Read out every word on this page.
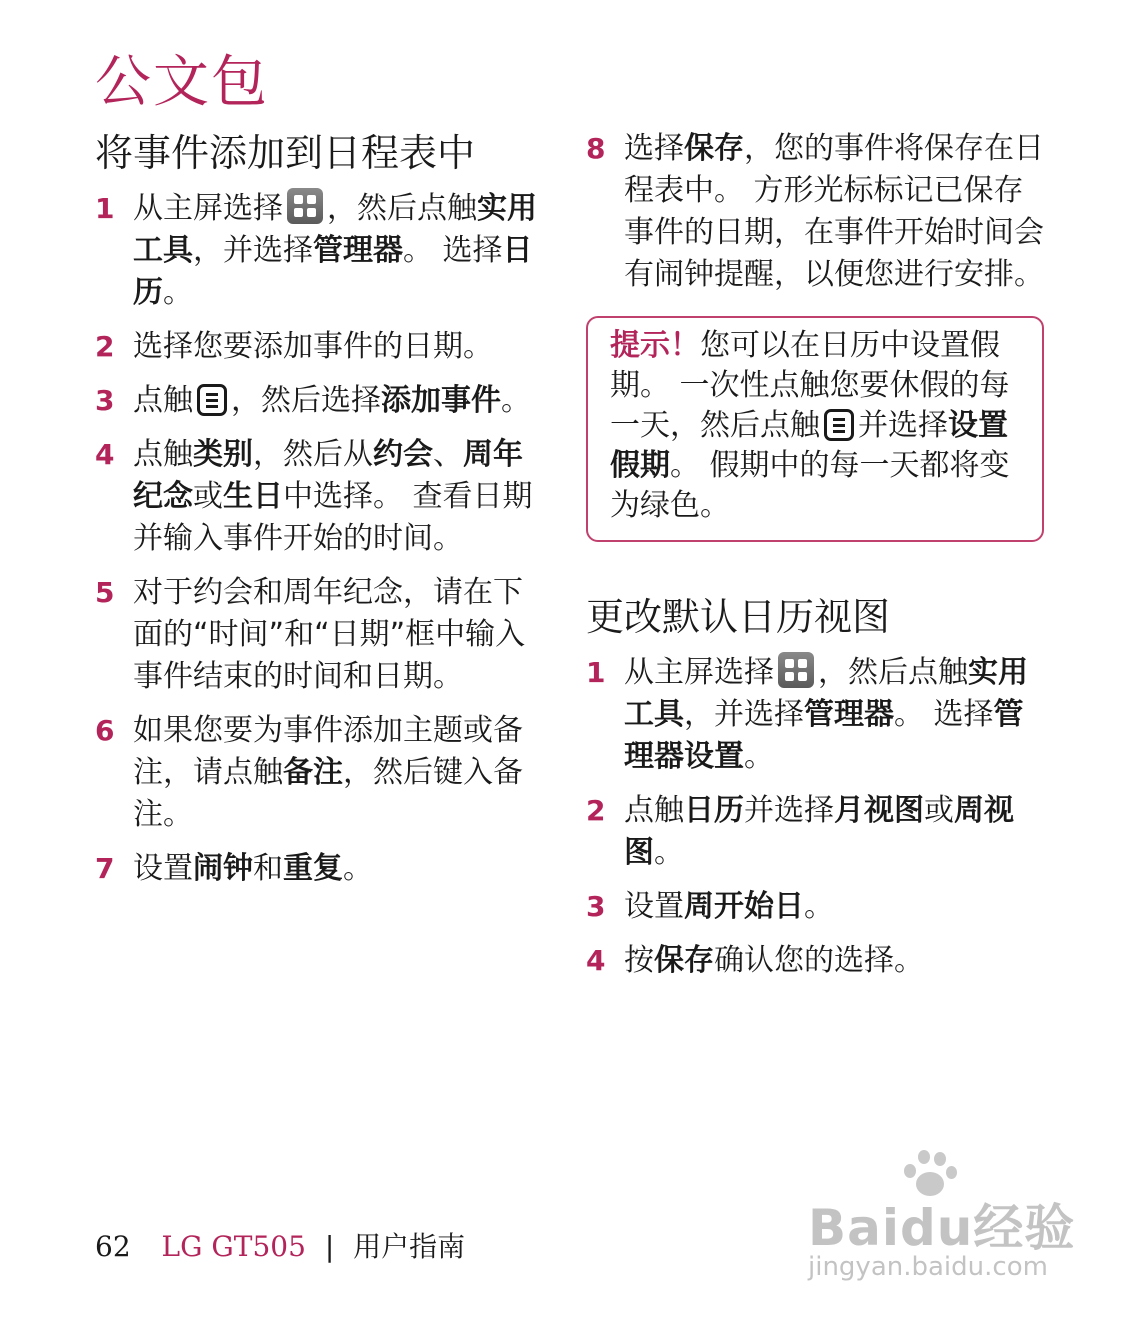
公文包
将事件添加到日程表中
1 从主屏选择 ，然后点触实用工具，并选择管理器。 选择日历。
2 选择您要添加事件的日期。
3 点触 ，然后选择添加事件。
4 点触类别，然后从约会、周年纪念或生日中选择。 查看日期并输入事件开始的时间。
5 对于约会和周年纪念，请在下面的“时间”和“日期”框中输入事件结束的时间和日期。
6 如果您要为事件添加主题或备注，请点触备注，然后键入备注。
7 设置闹钟和重复。
8 选择保存，您的事件将保存在日程表中。 方形光标标记已保存事件的日期，在事件开始时间会有闹钟提醒，以便您进行安排。
提示！您可以在日历中设置假期。 一次性点触您要休假的每一天，然后点触 并选择设置假期。 假期中的每一天都将变为绿色。
更改默认日历视图
1 从主屏选择 ，然后点触实用工具，并选择管理器。 选择管理器设置。
2 点触日历并选择月视图或周视图。
3 设置周开始日。
4 按保存确认您的选择。
62 LG GT505 | 用户指南	Baidu经验
jingyan.baidu.com
